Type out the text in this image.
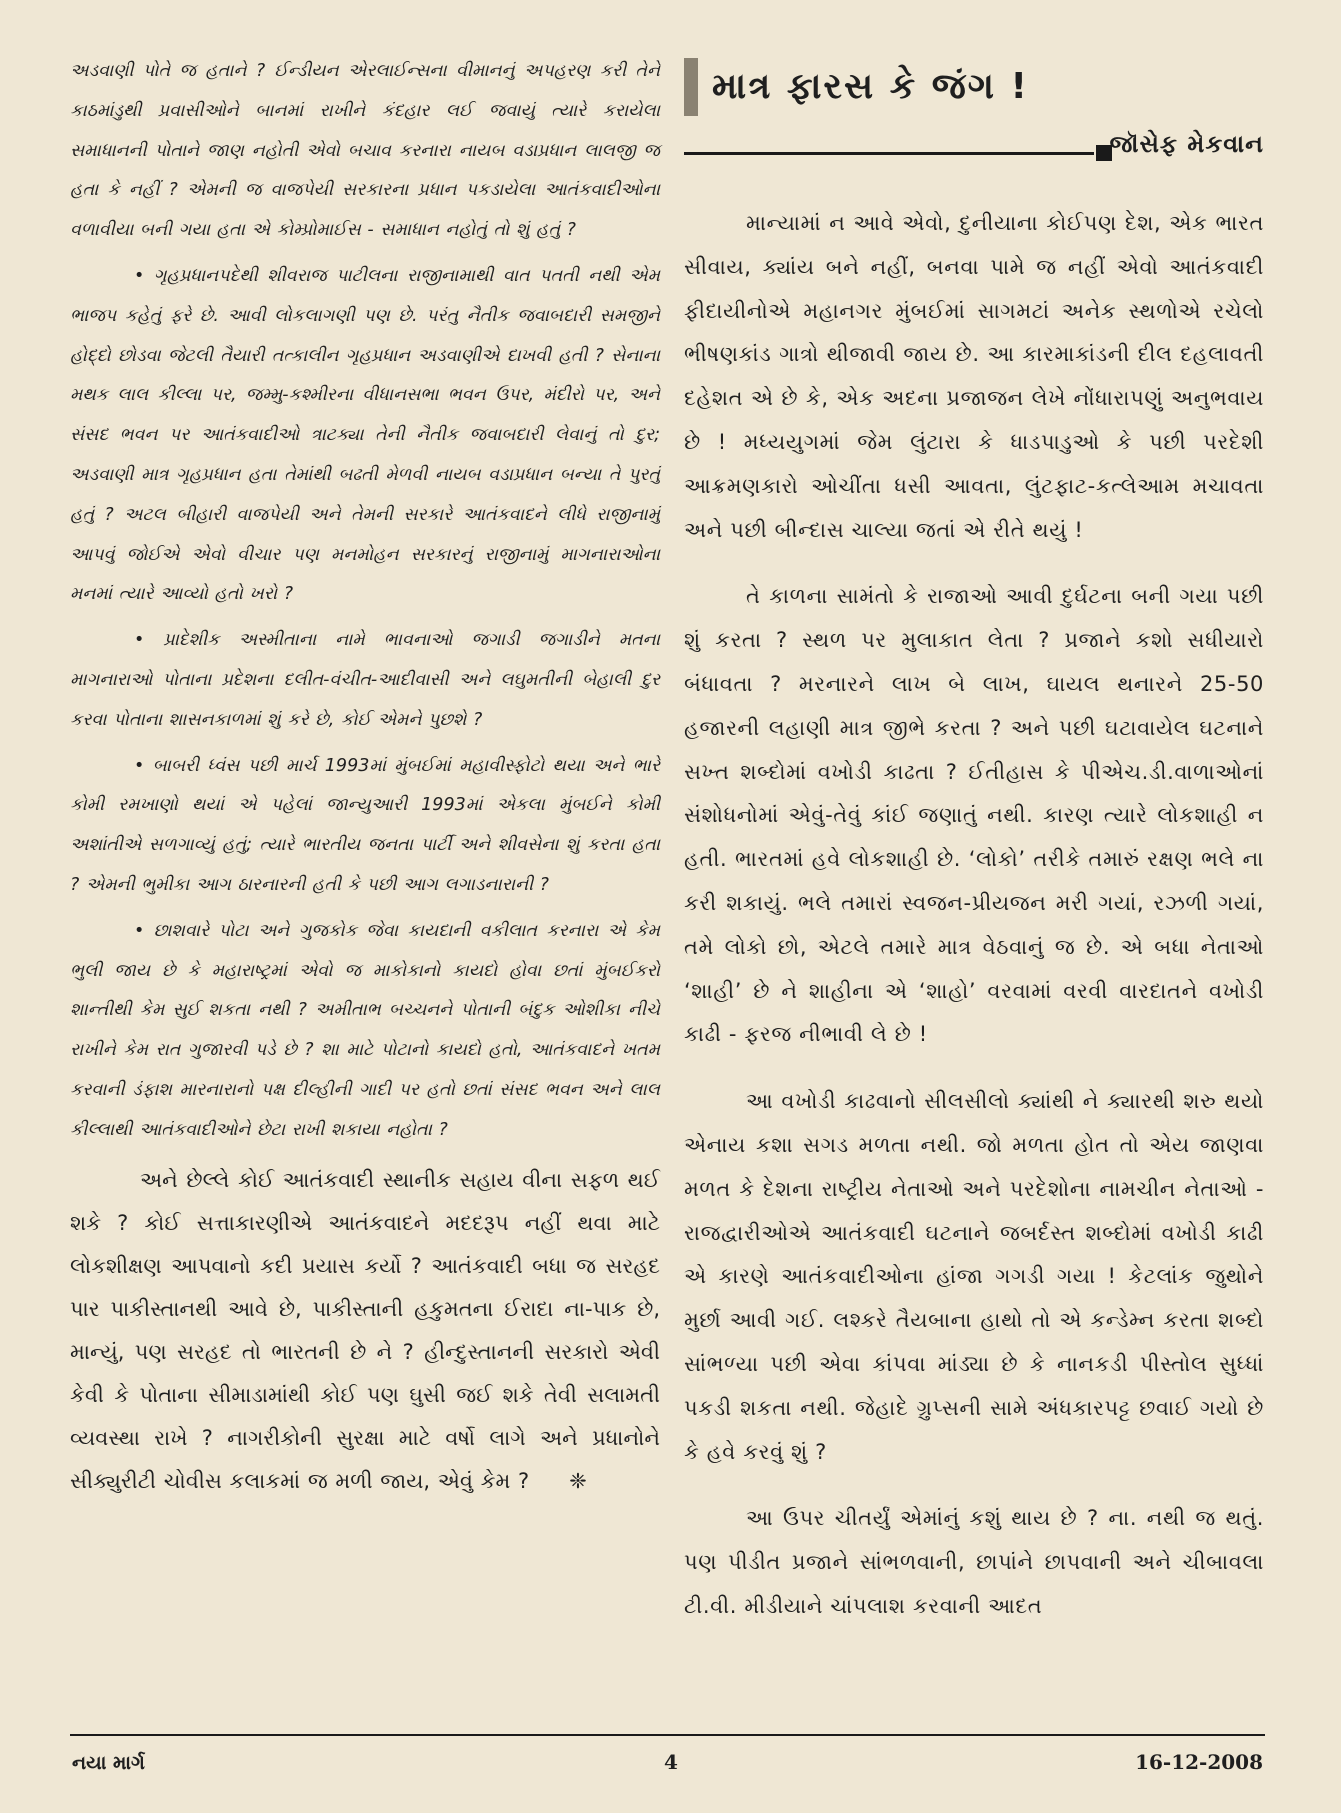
અડવાણી પોતે જ હતાને ? ઈન્ડીયન એરલાઈન્સના વીમાનનું અપહરણ કરી તેને કાઠમાંડુથી પ્રવાસીઓને બાનમાં રાખીને કંદહાર લઈ જવાયું ત્યારે કરાયેલા સમાધાનની પોતાને જાણ નહોતી એવો બચાવ કરનારા નાયબ વડાપ્રધાન લાલજી જ હતા કે નહીં ? એમની જ વાજપેયી સરકારના પ્રધાન પકડાયેલા આતંકવાદીઓના વળાવીયા બની ગયા હતા એ કોમ્પ્રોમાઈસ - સમાધાન નહોતું તો શું હતું ?

• ગૃહપ્રધાનપદેથી શીવરાજ પાટીલના રાજીનામાથી વાત પતતી નથી એમ ભાજપ કહેતું ફરે છે. આવી લોકલાગણી પણ છે. પરંતુ નૈતીક જવાબદારી સમજીને હોદ્દો છોડવા જેટલી તૈયારી તત્કાલીન ગૃહપ્રધાન અડવાણીએ દાખવી હતી ? સેનાના મથક લાલ કીલ્લા પર, જમ્મુ-કશ્મીરના વીધાનસભા ભવન ઉપર, મંદીરો પર, અને સંસદ ભવન પર આતંકવાદીઓ ત્રાટક્યા તેની નૈતીક જવાબદારી લેવાનું તો દુર; અડવાણી માત્ર ગૃહપ્રધાન હતા તેમાંથી બઢતી મેળવી નાયબ વડાપ્રધાન બન્યા તે પુરતું હતું ? અટલ બીહારી વાજપેયી અને તેમની સરકારે આતંકવાદને લીધે રાજીનામું આપવું જોઈએ એવો વીચાર પણ મનમોહન સરકારનું રાજીનામું માગનારાઓના મનમાં ત્યારે આવ્યો હતો ખરો ?

• પ્રાદેશીક અસ્મીતાના નામે ભાવનાઓ જગાડી જગાડીને મતના માગનારાઓ પોતાના પ્રદેશના દલીત-વંચીત-આદીવાસી અને લઘુમતીની બેહાલી દુર કરવા પોતાના શાસનકાળમાં શું કરે છે, કોઈ એમને પુછશે ?

• બાબરી ધ્વંસ પછી માર્ચ 1993માં મુંબઈમાં મહાવીસ્ફોટો થયા અને ભારે કોમી રમખાણો થયાં એ પહેલાં જાન્યુઆરી 1993માં એકલા મુંબઈને કોમી અશાંતીએ સળગાવ્યું હતું; ત્યારે ભારતીય જનતા પાર્ટી અને શીવસેના શું કરતા હતા ? એમની ભુમીકા આગ ઠારનારની હતી કે પછી આગ લગાડનારાની ?

• છાશવારે પોટા અને ગુજકોક જેવા કાયદાની વકીલાત કરનારા એ કેમ ભુલી જાય છે કે મહારાષ્ટ્રમાં એવો જ માકોકાનો કાયદો હોવા છતાં મુંબઈકરો શાન્તીથી કેમ સુઈ શકતા નથી ? અમીતાભ બચ્ચનને પોતાની બંદુક ઓશીકા નીચે રાખીને કેમ રાત ગુજારવી પડે છે ? શા માટે પોટાનો કાયદો હતો, આતંકવાદને ખતમ કરવાની ડંફાશ મારનારાનો પક્ષ દીલ્હીની ગાદી પર હતો છતાં સંસદ ભવન અને લાલ કીલ્લાથી આતંકવાદીઓને છેટા રાખી શકાયા નહોતા ?

અને છેલ્લે કોઈ આતંકવાદી સ્થાનીક સહાય વીના સફળ થઈ શકે ? કોઈ સત્તાકારણીએ આતંકવાદને મદદરૂપ નહીં થવા માટે લોકશીક્ષણ આપવાનો કદી પ્રયાસ કર્યો ? આતંકવાદી બધા જ સરહદ પાર પાકીસ્તાનથી આવે છે, પાકીસ્તાની હકુમતના ઈરાદા ના-પાક છે, માન્યું, પણ સરહદ તો ભારતની છે ને ? હીન્દુસ્તાનની સરકારો એવી કેવી કે પોતાના સીમાડામાંથી કોઈ પણ ઘુસી જઈ શકે તેવી સલામતી વ્યવસ્થા રાખે ? નાગરીકોની સુરક્ષા માટે વર્ષો લાગે અને પ્રધાનોને સીક્યુરીટી ચોવીસ કલાકમાં જ મળી જાય, એવું કેમ ? ❈

માત્ર ફારસ કે જંગ !
જૉસેફ મેકવાન

માન્યામાં ન આવે એવો, દુનીયાના કોઈપણ દેશ, એક ભારત સીવાય, ક્યાંય બને નહીં, બનવા પામે જ નહીં એવો આતંકવાદી ફીદાયીનોએ મહાનગર મુંબઈમાં સાગમટાં અનેક સ્થળોએ રચેલો ભીષણકાંડ ગાત્રો થીજાવી જાય છે. આ કારમાકાંડની દીલ દહલાવતી દહેશત એ છે કે, એક અદના પ્રજાજન લેખે નોંધારાપણું અનુભવાય છે ! મધ્યયુગમાં જેમ લુંટારા કે ધાડપાડુઓ કે પછી પરદેશી આક્રમણકારો ઓચીંતા ધસી આવતા, લુંટફાટ-કત્લેઆમ મચાવતા અને પછી બીન્દાસ ચાલ્યા જતાં એ રીતે થયું !

તે કાળના સામંતો કે રાજાઓ આવી દુર્ઘટના બની ગયા પછી શું કરતા ? સ્થળ પર મુલાકાત લેતા ? પ્રજાને કશો સધીયારો બંધાવતા ? મરનારને લાખ બે લાખ, ઘાયલ થનારને 25-50 હજારની લહાણી માત્ર જીભે કરતા ? અને પછી ઘટાવાયેલ ઘટનાને સખ્ત શબ્દોમાં વખોડી કાઢતા ? ઈતીહાસ કે પીએચ.ડી.વાળાઓનાં સંશોધનોમાં એવું-તેવું કાંઈ જણાતું નથી. કારણ ત્યારે લોકશાહી ન હતી. ભારતમાં હવે લોકશાહી છે. ‘લોકો’ તરીકે તમારું રક્ષણ ભલે ના કરી શકાયું. ભલે તમારાં સ્વજન-પ્રીયજન મરી ગયાં, રઝળી ગયાં, તમે લોકો છો, એટલે તમારે માત્ર વેઠવાનું જ છે. એ બધા નેતાઓ ‘શાહી’ છે ને શાહીના એ ‘શાહો’ વરવામાં વરવી વારદાતને વખોડી કાઢી - ફરજ નીભાવી લે છે !

આ વખોડી કાઢવાનો સીલસીલો ક્યાંથી ને ક્યારથી શરુ થયો એનાય કશા સગડ મળતા નથી. જો મળતા હોત તો એય જાણવા મળત કે દેશના રાષ્ટ્રીય નેતાઓ અને પરદેશોના નામચીન નેતાઓ - રાજદ્વારીઓએ આતંકવાદી ઘટનાને જબર્દસ્ત શબ્દોમાં વખોડી કાઢી એ કારણે આતંકવાદીઓના હાંજા ગગડી ગયા ! કેટલાંક જુથોને મુર્છા આવી ગઈ. લશ્કરે તૈયબાના હાથો તો એ કન્ડેમ્ન કરતા શબ્દો સાંભળ્યા પછી એવા કાંપવા માંડ્યા છે કે નાનકડી પીસ્તોલ સુધ્ધાં પકડી શકતા નથી. જેહાદે ગ્રુપ્સની સામે અંધકારપટ્ટ છવાઈ ગયો છે કે હવે કરવું શું ?

આ ઉપર ચીતર્યું એમાંનું કશું થાય છે ? ના. નથી જ થતું. પણ પીડીત પ્રજાને સાંભળવાની, છાપાંને છાપવાની અને ચીબાવલા ટી.વી. મીડીયાને ચાંપલાશ કરવાની આદત

નયા માર્ગ	4	16-12-2008
